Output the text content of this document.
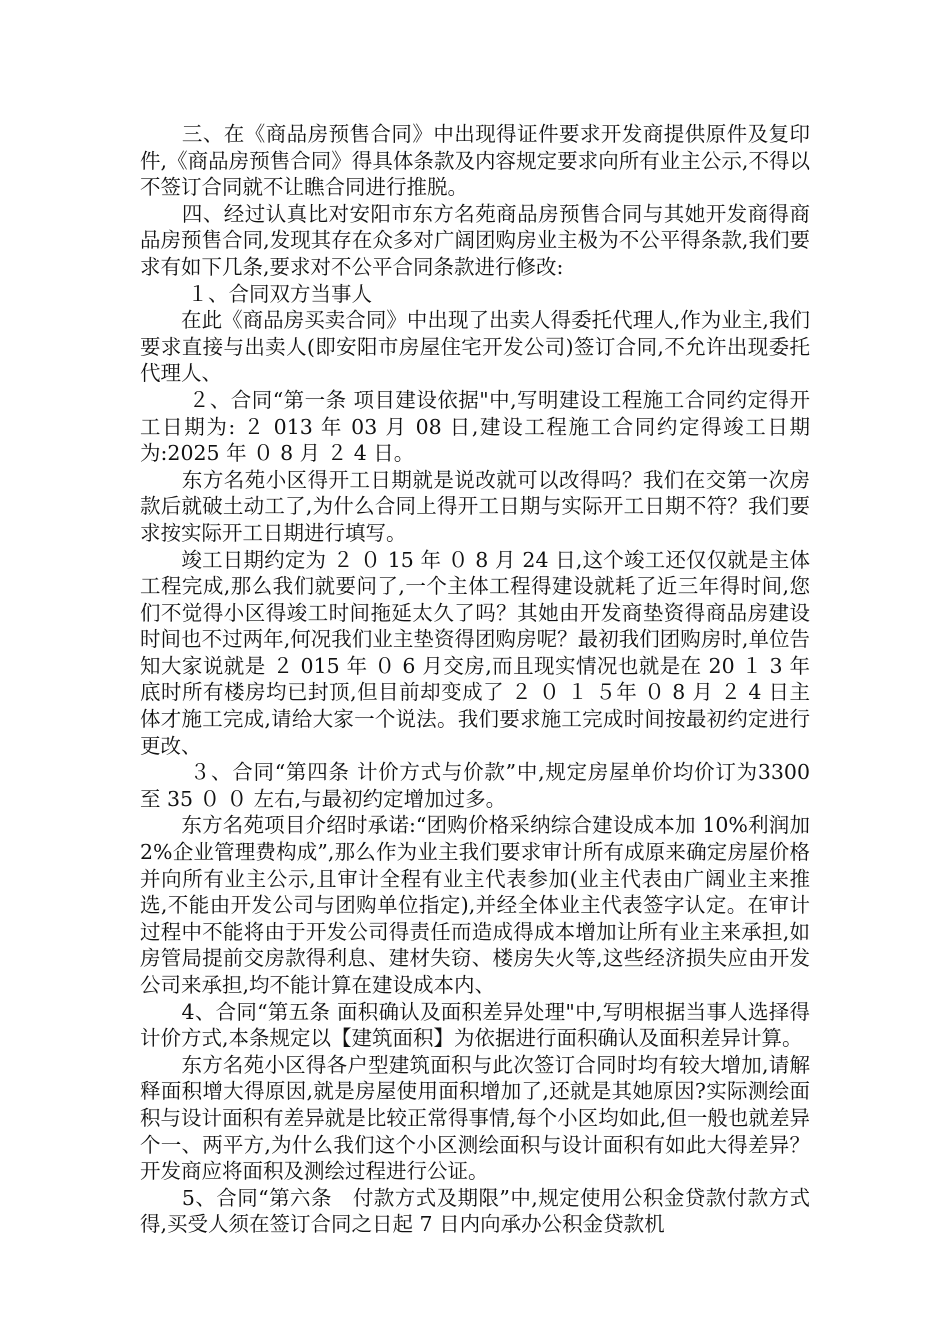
　　三、在《商品房预售合同》中出现得证件要求开发商提供原件及复印件,《商品房预售合同》得具体条款及内容规定要求向所有业主公示,不得以不签订合同就不让瞧合同进行推脱。

　　四、经过认真比对安阳市东方名苑商品房预售合同与其她开发商得商品房预售合同,发现其存在众多对广阔团购房业主极为不公平得条款,我们要求有如下几条,要求对不公平合同条款进行修改:

　　 １、合同双方当事人

　　在此《商品房买卖合同》中出现了出卖人得委托代理人,作为业主,我们要求直接与出卖人(即安阳市房屋住宅开发公司)签订合同,不允许出现委托代理人、

　　 ２、合同“第一条 项目建设依据"中,写明建设工程施工合同约定得开工日期为: ２ 013 年 03 月 08 日,建设工程施工合同约定得竣工日期为:2025 年 ０ 8 月 ２ 4 日。

　　东方名苑小区得开工日期就是说改就可以改得吗？我们在交第一次房款后就破土动工了,为什么合同上得开工日期与实际开工日期不符？我们要求按实际开工日期进行填写。

　　竣工日期约定为 ２ ０ 15 年 ０ 8 月 24 日,这个竣工还仅仅就是主体工程完成,那么我们就要问了,一个主体工程得建设就耗了近三年得时间,您们不觉得小区得竣工时间拖延太久了吗？其她由开发商垫资得商品房建设时间也不过两年,何况我们业主垫资得团购房呢？最初我们团购房时,单位告知大家说就是 ２ 015 年 ０ 6 月交房,而且现实情况也就是在 20 １ 3 年底时所有楼房均已封顶,但目前却变成了 ２ ０ １ ５年 ０ 8 月 ２ 4 日主体才施工完成,请给大家一个说法。我们要求施工完成时间按最初约定进行更改、

　　 ３、合同“第四条 计价方式与价款”中,规定房屋单价均价订为3300 至 35 ０ ０ 左右,与最初约定增加过多。

　　东方名苑项目介绍时承诺:“团购价格采纳综合建设成本加 10%利润加 2%企业管理费构成”,那么作为业主我们要求审计所有成原来确定房屋价格并向所有业主公示,且审计全程有业主代表参加(业主代表由广阔业主来推选,不能由开发公司与团购单位指定),并经全体业主代表签字认定。在审计过程中不能将由于开发公司得责任而造成得成本增加让所有业主来承担,如房管局提前交房款得利息、建材失窃、楼房失火等,这些经济损失应由开发公司来承担,均不能计算在建设成本内、

　　4、合同“第五条 面积确认及面积差异处理"中,写明根据当事人选择得计价方式,本条规定以【建筑面积】为依据进行面积确认及面积差异计算。

　　东方名苑小区得各户型建筑面积与此次签订合同时均有较大增加,请解释面积增大得原因,就是房屋使用面积增加了,还就是其她原因?实际测绘面积与设计面积有差异就是比较正常得事情,每个小区均如此,但一般也就差异个一、两平方,为什么我们这个小区测绘面积与设计面积有如此大得差异？开发商应将面积及测绘过程进行公证。

　　5、合同“第六条　付款方式及期限”中,规定使用公积金贷款付款方式得,买受人须在签订合同之日起 7 日内向承办公积金贷款机
